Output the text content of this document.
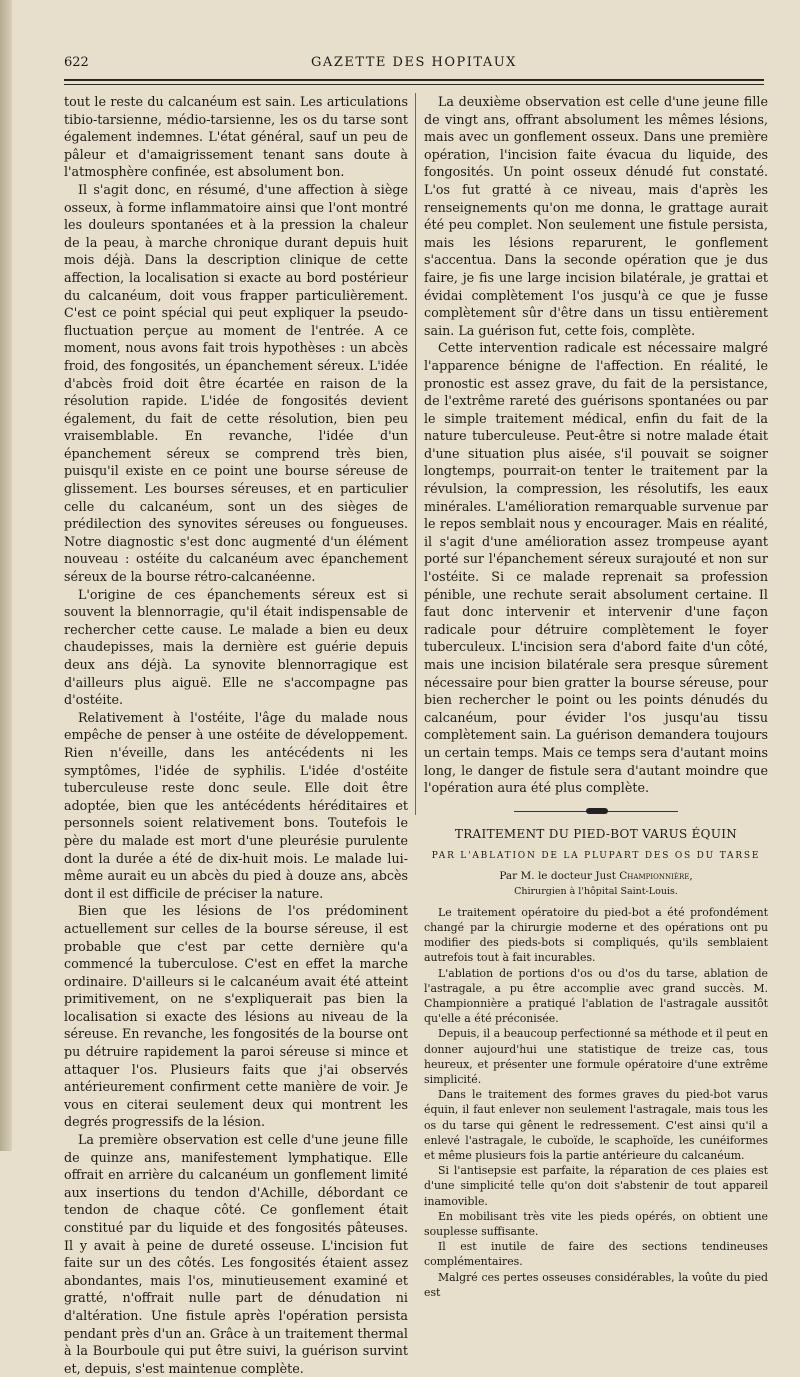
622	GAZETTE DES HOPITAUX

tout le reste du calcanéum est sain. Les articulations tibio-tarsienne, médio-tarsienne, les os du tarse sont également indemnes. L'état général, sauf un peu de pâleur et d'amaigrissement tenant sans doute à l'atmosphère confinée, est absolument bon.

Il s'agit donc, en résumé, d'une affection à siège osseux, à forme inflammatoire ainsi que l'ont montré les douleurs spontanées et à la pression la chaleur de la peau, à marche chronique durant depuis huit mois déjà. Dans la description clinique de cette affection, la localisation si exacte au bord postérieur du calcanéum, doit vous frapper particulièrement. C'est ce point spécial qui peut expliquer la pseudo-fluctuation perçue au moment de l'entrée. A ce moment, nous avons fait trois hypothèses : un abcès froid, des fongosités, un épanchement séreux. L'idée d'abcès froid doit être écartée en raison de la résolution rapide. L'idée de fongosités devient également, du fait de cette résolution, bien peu vraisemblable. En revanche, l'idée d'un épanchement séreux se comprend très bien, puisqu'il existe en ce point une bourse séreuse de glissement. Les bourses séreuses, et en particulier celle du calcanéum, sont un des sièges de prédilection des synovites séreuses ou fongueuses. Notre diagnostic s'est donc augmenté d'un élément nouveau : ostéite du calcanéum avec épanchement séreux de la bourse rétro-calcanéenne.

L'origine de ces épanchements séreux est si souvent la blennorragie, qu'il était indispensable de rechercher cette cause. Le malade a bien eu deux chaudepisses, mais la dernière est guérie depuis deux ans déjà. La synovite blennorragique est d'ailleurs plus aiguë. Elle ne s'accompagne pas d'ostéite.

Relativement à l'ostéite, l'âge du malade nous empêche de penser à une ostéite de développement. Rien n'éveille, dans les antécédents ni les symptômes, l'idée de syphilis. L'idée d'ostéite tuberculeuse reste donc seule. Elle doit être adoptée, bien que les antécédents héréditaires et personnels soient relativement bons. Toutefois le père du malade est mort d'une pleurésie purulente dont la durée a été de dix-huit mois. Le malade lui-même aurait eu un abcès du pied à douze ans, abcès dont il est difficile de préciser la nature.

Bien que les lésions de l'os prédominent actuellement sur celles de la bourse séreuse, il est probable que c'est par cette dernière qu'a commencé la tuberculose. C'est en effet la marche ordinaire. D'ailleurs si le calcanéum avait été atteint primitivement, on ne s'expliquerait pas bien la localisation si exacte des lésions au niveau de la séreuse. En revanche, les fongosités de la bourse ont pu détruire rapidement la paroi séreuse si mince et attaquer l'os. Plusieurs faits que j'ai observés antérieurement confirment cette manière de voir. Je vous en citerai seulement deux qui montrent les degrés progressifs de la lésion.

La première observation est celle d'une jeune fille de quinze ans, manifestement lymphatique. Elle offrait en arrière du calcanéum un gonflement limité aux insertions du tendon d'Achille, débordant ce tendon de chaque côté. Ce gonflement était constitué par du liquide et des fongosités pâteuses. Il y avait à peine de dureté osseuse. L'incision fut faite sur un des côtés. Les fongosités étaient assez abondantes, mais l'os, minutieusement examiné et gratté, n'offrait nulle part de dénudation ni d'altération. Une fistule après l'opération persista pendant près d'un an. Grâce à un traitement thermal à la Bourboule qui put être suivi, la guérison survint et, depuis, s'est maintenue complète.

La deuxième observation est celle d'une jeune fille de vingt ans, offrant absolument les mêmes lésions, mais avec un gonflement osseux. Dans une première opération, l'incision faite évacua du liquide, des fongosités. Un point osseux dénudé fut constaté. L'os fut gratté à ce niveau, mais d'après les renseignements qu'on me donna, le grattage aurait été peu complet. Non seulement une fistule persista, mais les lésions reparurent, le gonflement s'accentua. Dans la seconde opération que je dus faire, je fis une large incision bilatérale, je grattai et évidai complètement l'os jusqu'à ce que je fusse complètement sûr d'être dans un tissu entièrement sain. La guérison fut, cette fois, complète.

Cette intervention radicale est nécessaire malgré l'apparence bénigne de l'affection. En réalité, le pronostic est assez grave, du fait de la persistance, de l'extrême rareté des guérisons spontanées ou par le simple traitement médical, enfin du fait de la nature tuberculeuse. Peut-être si notre malade était d'une situation plus aisée, s'il pouvait se soigner longtemps, pourrait-on tenter le traitement par la révulsion, la compression, les résolutifs, les eaux minérales. L'amélioration remarquable survenue par le repos semblait nous y encourager. Mais en réalité, il s'agit d'une amélioration assez trompeuse ayant porté sur l'épanchement séreux surajouté et non sur l'ostéite. Si ce malade reprenait sa profession pénible, une rechute serait absolument certaine. Il faut donc intervenir et intervenir d'une façon radicale pour détruire complètement le foyer tuberculeux. L'incision sera d'abord faite d'un côté, mais une incision bilatérale sera presque sûrement nécessaire pour bien gratter la bourse séreuse, pour bien rechercher le point ou les points dénudés du calcanéum, pour évider l'os jusqu'au tissu complètement sain. La guérison demandera toujours un certain temps. Mais ce temps sera d'autant moins long, le danger de fistule sera d'autant moindre que l'opération aura été plus complète.

TRAITEMENT DU PIED-BOT VARUS ÉQUIN
PAR L'ABLATION DE LA PLUPART DES OS DU TARSE
Par M. le docteur Just Championnière,
Chirurgien à l'hôpital Saint-Louis.

Le traitement opératoire du pied-bot a été profondément changé par la chirurgie moderne et des opérations ont pu modifier des pieds-bots si compliqués, qu'ils semblaient autrefois tout à fait incurables.

L'ablation de portions d'os ou d'os du tarse, ablation de l'astragale, a pu être accomplie avec grand succès. M. Championnière a pratiqué l'ablation de l'astragale aussitôt qu'elle a été préconisée.

Depuis, il a beaucoup perfectionné sa méthode et il peut en donner aujourd'hui une statistique de treize cas, tous heureux, et présenter une formule opératoire d'une extrême simplicité.

Dans le traitement des formes graves du pied-bot varus équin, il faut enlever non seulement l'astragale, mais tous les os du tarse qui gênent le redressement. C'est ainsi qu'il a enlevé l'astragale, le cuboïde, le scaphoïde, les cunéiformes et même plusieurs fois la partie antérieure du calcanéum.

Si l'antisepsie est parfaite, la réparation de ces plaies est d'une simplicité telle qu'on doit s'abstenir de tout appareil inamovible.

En mobilisant très vite les pieds opérés, on obtient une souplesse suffisante.

Il est inutile de faire des sections tendineuses complémentaires.

Malgré ces pertes osseuses considérables, la voûte du pied est
